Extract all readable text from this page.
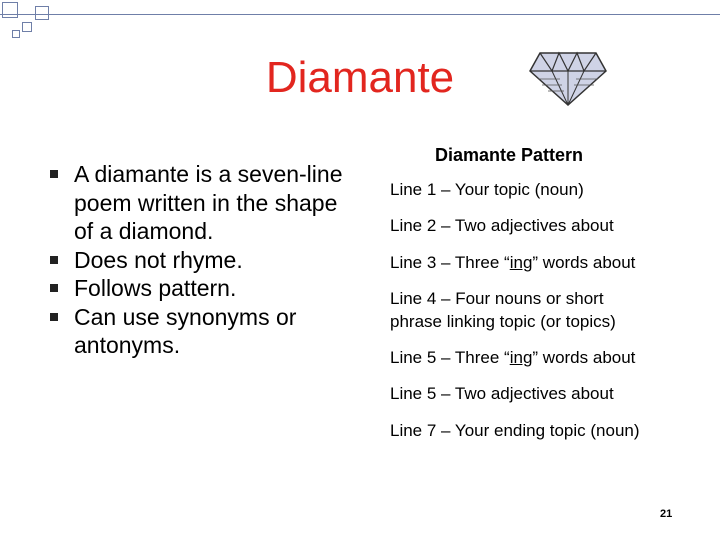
Diamante
A diamante is a seven-line poem written in the shape of a diamond.
Does not rhyme.
Follows pattern.
Can use synonyms or antonyms.
Diamante Pattern
Line 1 – Your topic (noun)
Line 2 – Two adjectives about
Line 3 – Three “ing” words about
Line 4 – Four nouns or short
phrase linking topic (or topics)
Line 5 – Three “ing” words about
Line 5 – Two adjectives about
Line 7 – Your ending topic (noun)
21
